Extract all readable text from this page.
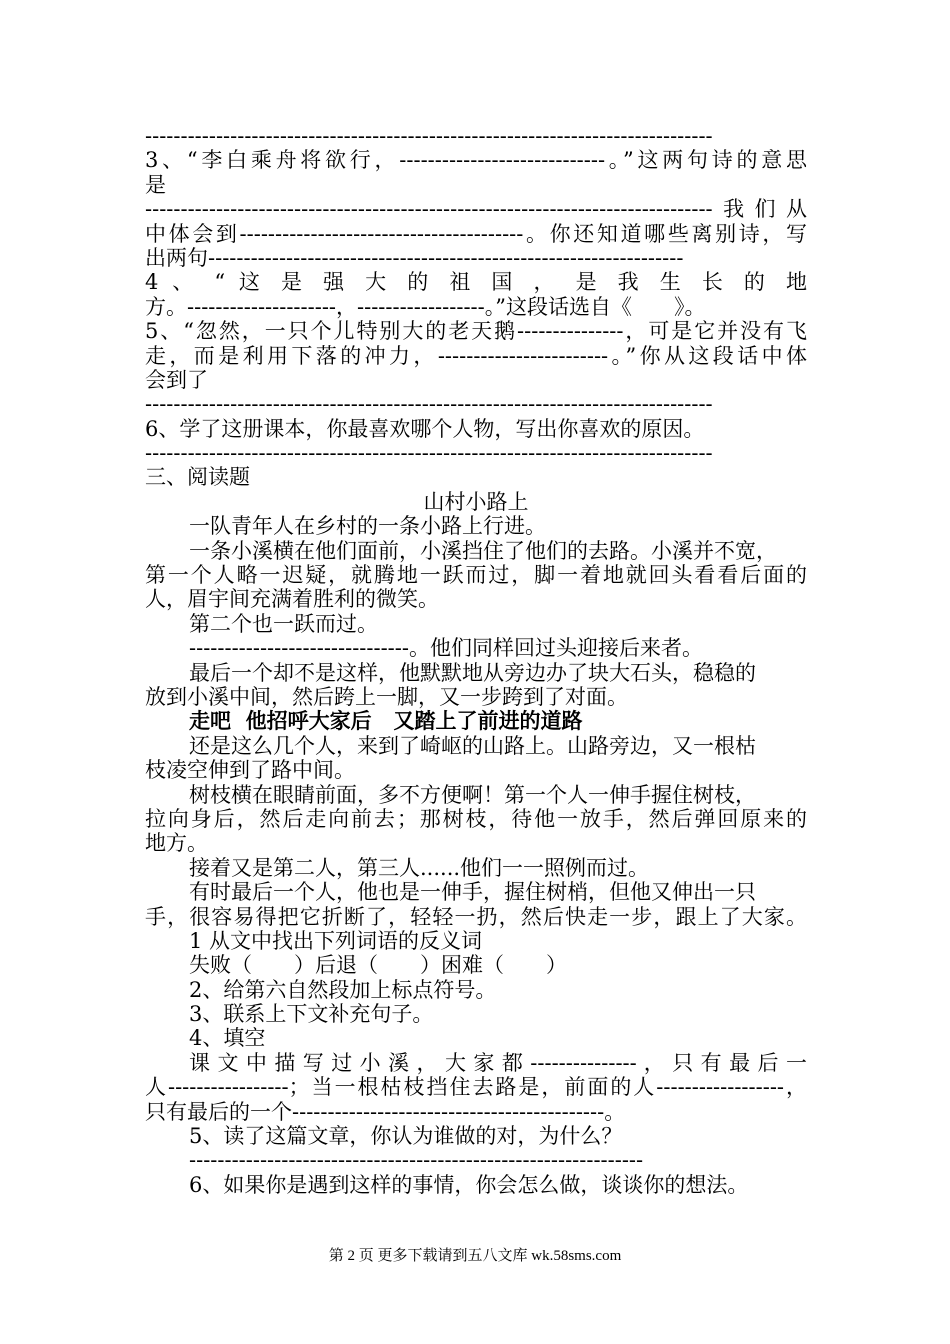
--------------------------------------------------------------------------------
3、“李白乘舟将欲行，-----------------------------。”这两句诗的意思
是
--------------------------------------------------------------------------------我们从
中体会到----------------------------------------。你还知道哪些离别诗，写
出两句-------------------------------------------------------------------
4 、 “ 这 是 强 大 的 祖 国 ， 是 我 生 长 的 地
方。---------------------，------------------。”这段话选自《　　》。
5、“忽然，一只个儿特别大的老天鹅---------------，可是它并没有飞
走，而是利用下落的冲力，------------------------。”你从这段话中体
会到了
--------------------------------------------------------------------------------
6、学了这册课本，你最喜欢哪个人物，写出你喜欢的原因。
--------------------------------------------------------------------------------
三、阅读题
山村小路上
一队青年人在乡村的一条小路上行进。
一条小溪横在他们面前，小溪挡住了他们的去路。小溪并不宽，
第一个人略一迟疑，就腾地一跃而过，脚一着地就回头看看后面的
人，眉宇间充满着胜利的微笑。
第二个也一跃而过。
-------------------------------。他们同样回过头迎接后来者。
最后一个却不是这样，他默默地从旁边办了块大石头，稳稳的
放到小溪中间，然后跨上一脚，又一步跨到了对面。
走吧  他招呼大家后   又踏上了前进的道路
还是这么几个人，来到了崎岖的山路上。山路旁边，又一根枯
枝凌空伸到了路中间。
树枝横在眼睛前面，多不方便啊！第一个人一伸手握住树枝，
拉向身后，然后走向前去；那树枝，待他一放手，然后弹回原来的
地方。
接着又是第二人，第三人......他们一一照例而过。
有时最后一个人，他也是一伸手，握住树梢，但他又伸出一只
手，很容易得把它折断了，轻轻一扔，然后快走一步，跟上了大家。
1 从文中找出下列词语的反义词
失败（　　）后退（　　）困难（　　）
2、给第六自然段加上标点符号。
3、联系上下文补充句子。
4、填空
课 文 中 描 写 过 小 溪 ， 大 家 都 --------------- ， 只 有 最 后 一
人-----------------；当一根枯枝挡住去路是，前面的人------------------，
只有最后的一个--------------------------------------------。
5、读了这篇文章，你认为谁做的对，为什么？
----------------------------------------------------------------
6、如果你是遇到这样的事情，你会怎么做，谈谈你的想法。
第 2 页 更多下载请到五八文库 wk.58sms.com
